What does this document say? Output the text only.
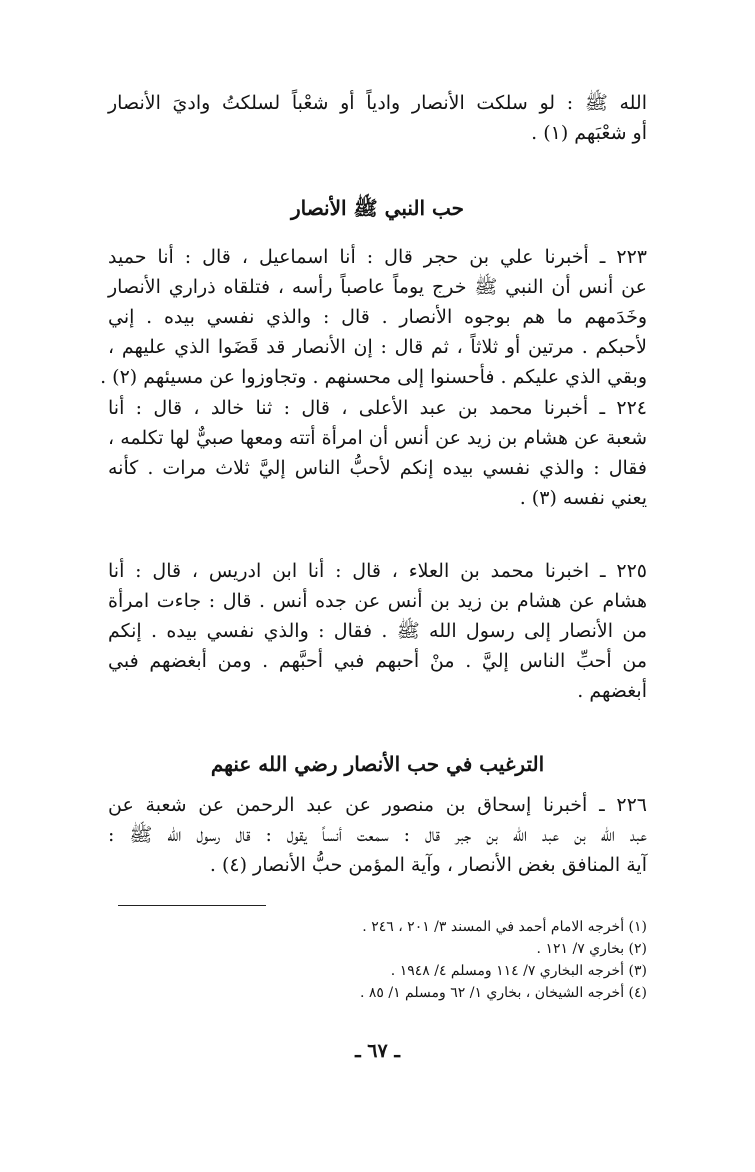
الله ﷺ : لو سلكت الأنصار وادياً أو شعْباً لسلكتُ واديَ الأنصار
أو شعْبَهم (١) .
حب النبي ﷺ الأنصار
٢٢٣ ـ أخبرنا علي بن حجر قال : أنا اسماعيل ، قال : أنا حميد
عن أنس أن النبي ﷺ خرج يوماً عاصباً رأسه ، فتلقاه ذراري الأنصار
وخَدَمهم ما هم بوجوه الأنصار . قال : والذي نفسي بيده . إني
لأحبكم . مرتين أو ثلاثاً ، ثم قال : إن الأنصار قد قَضَوا الذي عليهم ،
وبقي الذي عليكم . فأحسنوا إلى محسنهم . وتجاوزوا عن مسيئهم (٢) .
٢٢٤ ـ أخبرنا محمد بن عبد الأعلى ، قال : ثنا خالد ، قال : أنا
شعبة عن هشام بن زيد عن أنس أن امرأة أتته ومعها صبيٌّ لها تكلمه ،
فقال : والذي نفسي بيده إنكم لأحبُّ الناس إليَّ ثلاث مرات . كأنه
يعني نفسه (٣) .
٢٢٥ ـ اخبرنا محمد بن العلاء ، قال : أنا ابن ادريس ، قال : أنا
هشام عن هشام بن زيد بن أنس عن جده أنس . قال : جاءت امرأة
من الأنصار إلى رسول الله ﷺ . فقال : والذي نفسي بيده . إنكم
من أحبِّ الناس إليَّ . منْ أحبهم فبي أحبَّهم . ومن أبغضهم فبي
أبغضهم .
الترغيب في حب الأنصار رضي الله عنهم
٢٢٦ ـ أخبرنا إسحاق بن منصور عن عبد الرحمن عن شعبة عن
عبد الله بن عبد الله بن جبر قال : سمعت أنساً يقول : قال رسول الله ﷺ :
آية المنافق بغض الأنصار ، وآية المؤمن حبُّ الأنصار (٤) .
(١) أخرجه الامام أحمد في المسند ٣/ ٢٠١ ، ٢٤٦ .
(٢) بخاري ٧/ ١٢١ .
(٣) أخرجه البخاري ٧/ ١١٤ ومسلم ٤/ ١٩٤٨ .
(٤) أخرجه الشيخان ، بخاري ١/ ٦٢ ومسلم ١/ ٨٥ .
ـ ٦٧ ـ
